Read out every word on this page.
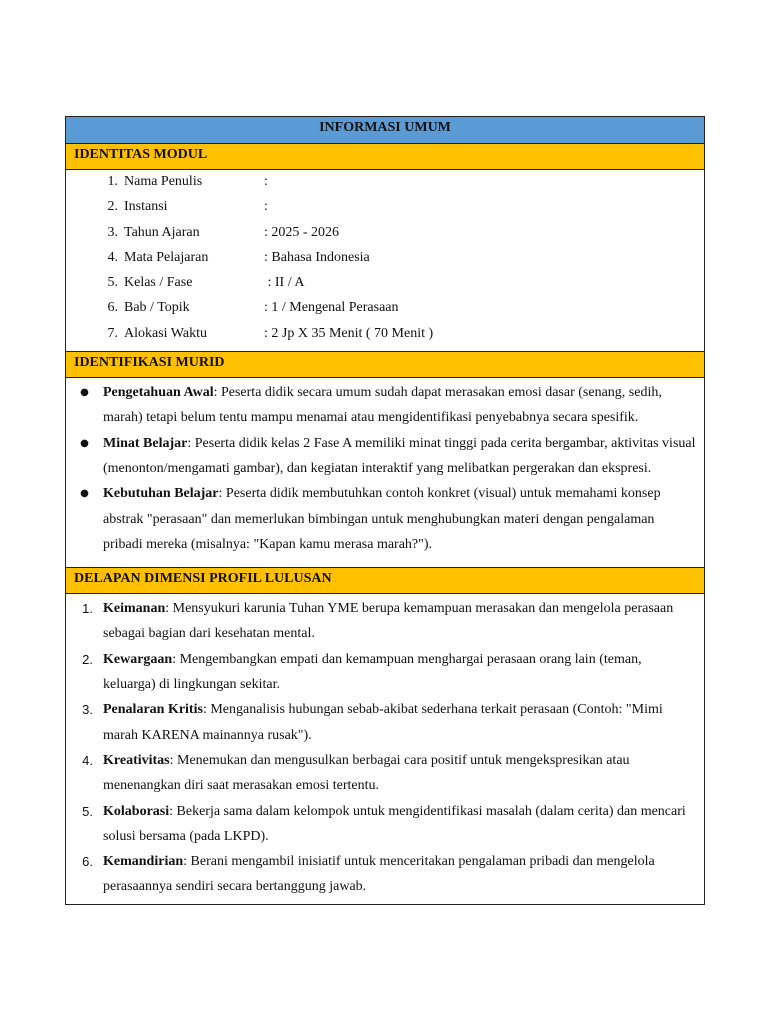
INFORMASI UMUM
IDENTITAS MODUL

1. Nama Penulis	:
2. Instansi	:
3. Tahun Ajaran	: 2025 - 2026
4. Mata Pelajaran	: Bahasa Indonesia
5. Kelas / Fase	: II / A
6. Bab / Topik	: 1 / Mengenal Perasaan
7. Alokasi Waktu	: 2 Jp X 35 Menit ( 70 Menit )

IDENTIFIKASI MURID

●	Pengetahuan Awal: Peserta didik secara umum sudah dapat merasakan emosi dasar (senang, sedih, marah) tetapi belum tentu mampu menamai atau mengidentifikasi penyebabnya secara spesifik.
●	Minat Belajar: Peserta didik kelas 2 Fase A memiliki minat tinggi pada cerita bergambar, aktivitas visual (menonton/mengamati gambar), dan kegiatan interaktif yang melibatkan pergerakan dan ekspresi.
●	Kebutuhan Belajar: Peserta didik membutuhkan contoh konkret (visual) untuk memahami konsep abstrak "perasaan" dan memerlukan bimbingan untuk menghubungkan materi dengan pengalaman pribadi mereka (misalnya: "Kapan kamu merasa marah?").

DELAPAN DIMENSI PROFIL LULUSAN

1. Keimanan: Mensyukuri karunia Tuhan YME berupa kemampuan merasakan dan mengelola perasaan sebagai bagian dari kesehatan mental.
2. Kewargaan: Mengembangkan empati dan kemampuan menghargai perasaan orang lain (teman, keluarga) di lingkungan sekitar.
3. Penalaran Kritis: Menganalisis hubungan sebab-akibat sederhana terkait perasaan (Contoh: "Mimi marah KARENA mainannya rusak").
4. Kreativitas: Menemukan dan mengusulkan berbagai cara positif untuk mengekspresikan atau menenangkan diri saat merasakan emosi tertentu.
5. Kolaborasi: Bekerja sama dalam kelompok untuk mengidentifikasi masalah (dalam cerita) dan mencari solusi bersama (pada LKPD).
6. Kemandirian: Berani mengambil inisiatif untuk menceritakan pengalaman pribadi dan mengelola perasaannya sendiri secara bertanggung jawab.
